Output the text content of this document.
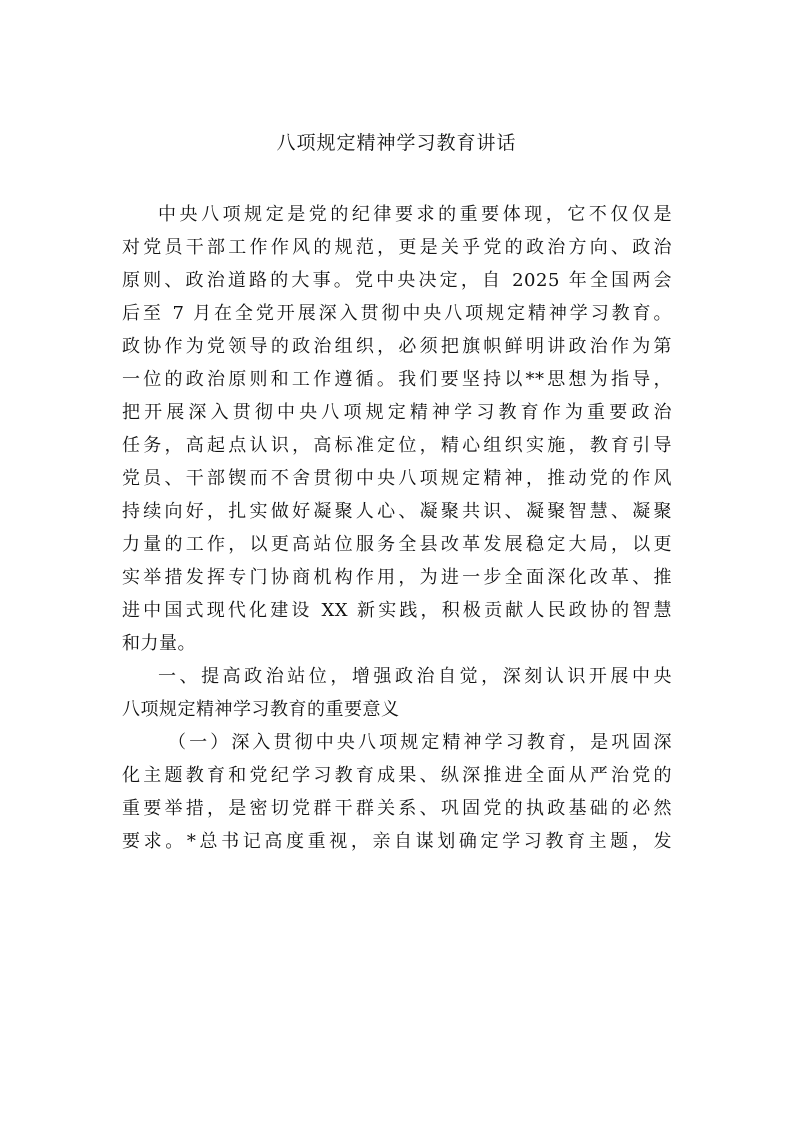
八项规定精神学习教育讲话
中央八项规定是党的纪律要求的重要体现，它不仅仅是
对党员干部工作作风的规范，更是关乎党的政治方向、政治
原则、政治道路的大事。党中央决定，自 2025 年全国两会
后至 7 月在全党开展深入贯彻中央八项规定精神学习教育。
政协作为党领导的政治组织，必须把旗帜鲜明讲政治作为第
一位的政治原则和工作遵循。我们要坚持以**思想为指导，
把开展深入贯彻中央八项规定精神学习教育作为重要政治
任务，高起点认识，高标准定位，精心组织实施，教育引导
党员、干部锲而不舍贯彻中央八项规定精神，推动党的作风
持续向好，扎实做好凝聚人心、凝聚共识、凝聚智慧、凝聚
力量的工作，以更高站位服务全县改革发展稳定大局，以更
实举措发挥专门协商机构作用，为进一步全面深化改革、推
进中国式现代化建设 XX 新实践，积极贡献人民政协的智慧
和力量。
一、提高政治站位，增强政治自觉，深刻认识开展中央
八项规定精神学习教育的重要意义
（一）深入贯彻中央八项规定精神学习教育，是巩固深
化主题教育和党纪学习教育成果、纵深推进全面从严治党的
重要举措，是密切党群干群关系、巩固党的执政基础的必然
要求。*总书记高度重视，亲自谋划确定学习教育主题，发
